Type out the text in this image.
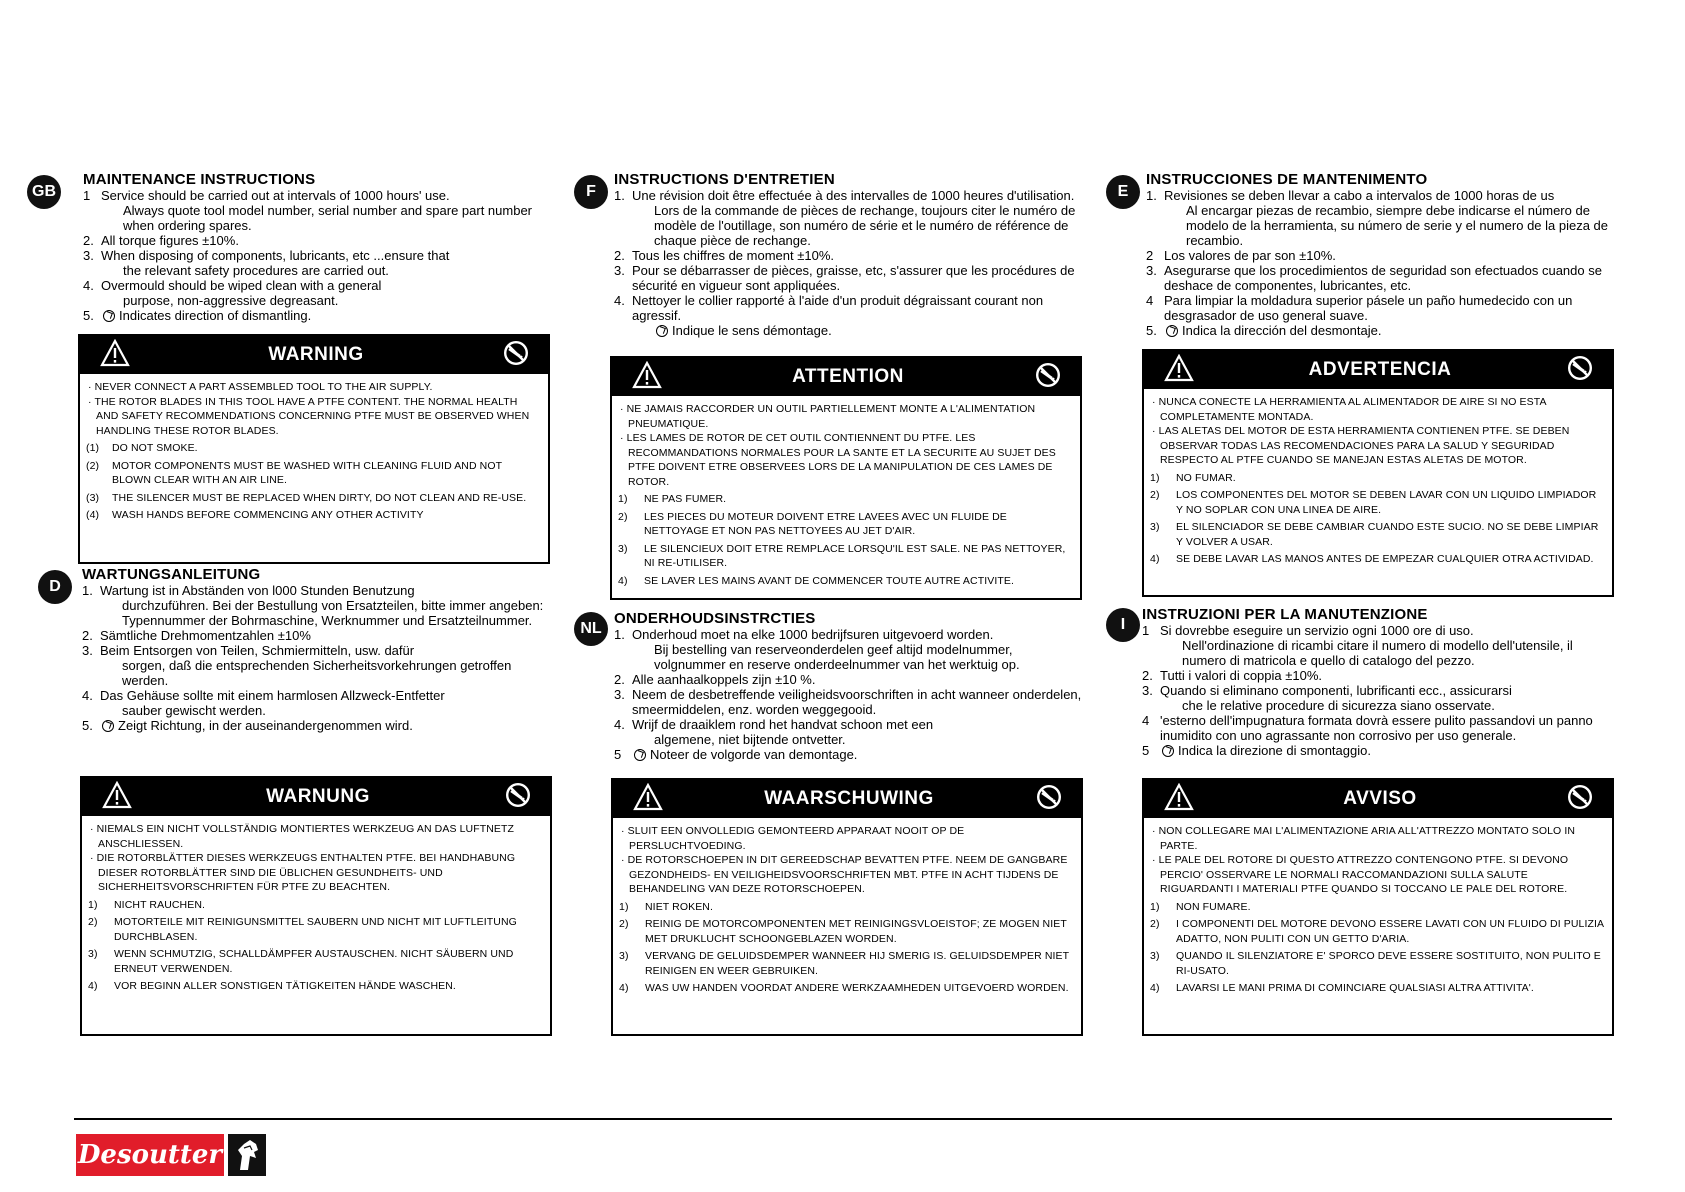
GB
MAINTENANCE INSTRUCTIONS
1 Service should be carried out at intervals of 1000 hours' use.
Always quote tool model number, serial number and spare part number when ordering spares.
2. All torque figures ±10%.
3. When disposing of components, lubricants, etc ...ensure that
the relevant safety procedures are carried out.
4. Overmould should be wiped clean with a general
purpose, non-aggressive degreasant.
5.	Indicates direction of dismantling.
WARNING
· NEVER CONNECT A PART ASSEMBLED TOOL TO THE AIR SUPPLY.
· THE ROTOR BLADES IN THIS TOOL HAVE A PTFE CONTENT. THE NORMAL HEALTH AND SAFETY RECOMMENDATIONS CONCERNING PTFE MUST BE OBSERVED WHEN HANDLING THESE ROTOR BLADES.
(1)	DO NOT SMOKE.
(2)	MOTOR COMPONENTS MUST BE WASHED WITH CLEANING FLUID AND NOT BLOWN CLEAR WITH AN AIR LINE.
(3)	THE SILENCER MUST BE REPLACED WHEN DIRTY, DO NOT CLEAN AND RE-USE.
(4)	WASH HANDS BEFORE COMMENCING ANY OTHER ACTIVITY
D
WARTUNGSANLEITUNG
1. Wartung ist in Abständen von l000 Stunden Benutzung
durchzuführen. Bei der Bestullung von Ersatzteilen, bitte immer angeben: Typennummer der Bohrmaschine, Werknummer und Ersatzteilnummer.
2. Sämtliche Drehmomentzahlen ±10%
3. Beim Entsorgen von Teilen, Schmiermitteln, usw. dafür
sorgen, daß die entsprechenden Sicherheitsvorkehrungen getroffen werden.
4. Das Gehäuse sollte mit einem harmlosen Allzweck-Entfetter
sauber gewischt werden.
5.	Zeigt Richtung, in der auseinandergenommen wird.
WARNUNG
· NIEMALS EIN NICHT VOLLSTÄNDIG MONTIERTES WERKZEUG AN DAS LUFTNETZ ANSCHLIESSEN.
· DIE ROTORBLÄTTER DIESES WERKZEUGS ENTHALTEN PTFE. BEI HANDHABUNG DIESER ROTORBLÄTTER SIND DIE ÜBLICHEN GESUNDHEITS- UND SICHERHEITSVORSCHRIFTEN FÜR PTFE ZU BEACHTEN.
1)	NICHT RAUCHEN.
2)	MOTORTEILE MIT REINIGUNSMITTEL SAUBERN UND NICHT MIT LUFTLEITUNG DURCHBLASEN.
3)	WENN SCHMUTZIG, SCHALLDÄMPFER AUSTAUSCHEN. NICHT SÄUBERN UND ERNEUT VERWENDEN.
4)	VOR BEGINN ALLER SONSTIGEN TÄTIGKEITEN HÄNDE WASCHEN.
F
INSTRUCTIONS D'ENTRETIEN
1. Une révision doit être effectuée à des intervalles de 1000 heures d'utilisation.
Lors de la commande de pièces de rechange, toujours citer le numéro de modèle de l'outillage, son numéro de série et le numéro de référence de chaque pièce de rechange.
2. Tous les chiffres de moment ±10%.
3. Pour se débarrasser de pièces, graisse, etc, s'assurer que les procédures de sécurité en vigueur sont appliquées.
4. Nettoyer le collier rapporté à l'aide d'un produit dégraissant courant non agressif.
Indique le sens démontage.
ATTENTION
· NE JAMAIS RACCORDER UN OUTIL PARTIELLEMENT MONTE A L'ALIMENTATION PNEUMATIQUE.
· LES LAMES DE ROTOR DE CET OUTIL CONTIENNENT DU PTFE. LES RECOMMANDATIONS NORMALES POUR LA SANTE ET LA SECURITE AU SUJET DES PTFE DOIVENT ETRE OBSERVEES LORS DE LA MANIPULATION DE CES LAMES DE ROTOR.
1)	NE PAS FUMER.
2)	LES PIECES DU MOTEUR DOIVENT ETRE LAVEES AVEC UN FLUIDE DE NETTOYAGE ET NON PAS NETTOYEES AU JET D'AIR.
3)	LE SILENCIEUX DOIT ETRE REMPLACE LORSQU'IL EST SALE. NE PAS NETTOYER, NI RE-UTILISER.
4)	SE LAVER LES MAINS AVANT DE COMMENCER TOUTE AUTRE ACTIVITE.
NL
ONDERHOUDSINSTRCTIES
1. Onderhoud moet na elke 1000 bedrijfsuren uitgevoerd worden.
Bij bestelling van reserveonderdelen geef altijd modelnummer, volgnummer en reserve onderdeelnummer van het werktuig op.
2. Alle aanhaalkoppels zijn ±10 %.
3. Neem de desbetreffende veiligheidsvoorschriften in acht wanneer onderdelen, smeermiddelen, enz. worden weggegooid.
4. Wrijf de draaiklem rond het handvat schoon met een
algemene, niet bijtende ontvetter.
5	Noteer de volgorde van demontage.
WAARSCHUWING
· SLUIT EEN ONVOLLEDIG GEMONTEERD APPARAAT NOOIT OP DE PERSLUCHTVOEDING.
· DE ROTORSCHOEPEN IN DIT GEREEDSCHAP BEVATTEN PTFE. NEEM DE GANGBARE GEZONDHEIDS- EN VEILIGHEIDSVOORSCHRIFTEN MBT. PTFE IN ACHT TIJDENS DE BEHANDELING VAN DEZE ROTORSCHOEPEN.
1)	NIET ROKEN.
2)	REINIG DE MOTORCOMPONENTEN MET REINIGINGSVLOEISTOF; ZE MOGEN NIET MET DRUKLUCHT SCHOONGEBLAZEN WORDEN.
3)	VERVANG DE GELUIDSDEMPER WANNEER HIJ SMERIG IS. GELUIDSDEMPER NIET REINIGEN EN WEER GEBRUIKEN.
4)	WAS UW HANDEN VOORDAT ANDERE WERKZAAMHEDEN UITGEVOERD WORDEN.
E
INSTRUCCIONES DE MANTENIMENTO
1. Revisiones se deben llevar a cabo a intervalos de 1000 horas de us
Al encargar piezas de recambio, siempre debe indicarse el número de modelo de la herramienta, su número de serie y el numero de la pieza de recambio.
2 Los valores de par son ±10%.
3. Asegurarse que los procedimientos de seguridad son efectuados cuando se deshace de componentes, lubricantes, etc.
4 Para limpiar la moldadura superior pásele un paño humedecido con un desgrasador de uso general suave.
5.	Indica la dirección del desmontaje.
ADVERTENCIA
· NUNCA CONECTE LA HERRAMIENTA AL ALIMENTADOR DE AIRE SI NO ESTA COMPLETAMENTE MONTADA.
· LAS ALETAS DEL MOTOR DE ESTA HERRAMIENTA CONTIENEN PTFE. SE DEBEN OBSERVAR TODAS LAS RECOMENDACIONES PARA LA SALUD Y SEGURIDAD RESPECTO AL PTFE CUANDO SE MANEJAN ESTAS ALETAS DE MOTOR.
1)	NO FUMAR.
2)	LOS COMPONENTES DEL MOTOR SE DEBEN LAVAR CON UN LIQUIDO LIMPIADOR Y NO SOPLAR CON UNA LINEA DE AIRE.
3)	EL SILENCIADOR SE DEBE CAMBIAR CUANDO ESTE SUCIO. NO SE DEBE LIMPIAR Y VOLVER A USAR.
4)	SE DEBE LAVAR LAS MANOS ANTES DE EMPEZAR CUALQUIER OTRA ACTIVIDAD.
I
INSTRUZIONI PER LA MANUTENZIONE
1 Si dovrebbe eseguire un servizio ogni 1000 ore di uso.
Nell'ordinazione di ricambi citare il numero di modello dell'utensile, il numero di matricola e quello di catalogo del pezzo.
2. Tutti i valori di coppia ±10%.
3. Quando si eliminano componenti, lubrificanti ecc., assicurarsi
che le relative procedure di sicurezza siano osservate.
4 'esterno dell'impugnatura formata dovrà essere pulito passandovi un panno inumidito con uno agrassante non corrosivo per uso generale.
5	Indica la direzione di smontaggio.
AVVISO
· NON COLLEGARE MAI L'ALIMENTAZIONE ARIA ALL'ATTREZZO MONTATO SOLO IN PARTE.
· LE PALE DEL ROTORE DI QUESTO ATTREZZO CONTENGONO PTFE. SI DEVONO PERCIO' OSSERVARE LE NORMALI RACCOMANDAZIONI SULLA SALUTE RIGUARDANTI I MATERIALI PTFE QUANDO SI TOCCANO LE PALE DEL ROTORE.
1)	NON FUMARE.
2)	I COMPONENTI DEL MOTORE DEVONO ESSERE LAVATI CON UN FLUIDO DI PULIZIA ADATTO, NON PULITI CON UN GETTO D'ARIA.
3)	QUANDO IL SILENZIATORE E' SPORCO DEVE ESSERE SOSTITUITO, NON PULITO E RI-USATO.
4)	LAVARSI LE MANI PRIMA DI COMINCIARE QUALSIASI ALTRA ATTIVITA'.
Desoutter
